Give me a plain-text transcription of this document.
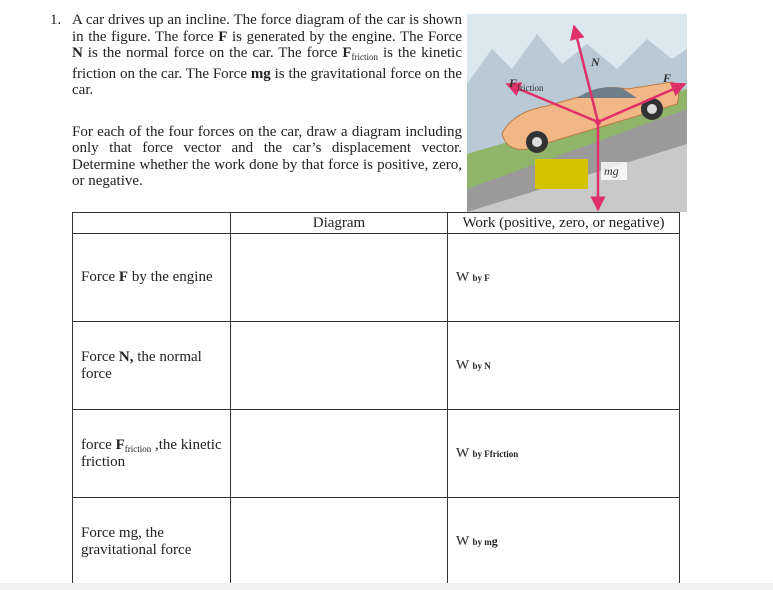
1. A car drives up an incline. The force diagram of the car is shown in the figure. The force F is generated by the engine. The Force N is the normal force on the car. The force $F_{friction}$ is the kinetic friction on the car. The Force mg is the gravitational force on the car.
For each of the four forces on the car, draw a diagram including only that force vector and the car’s displacement vector. Determine whether the work done by that force is positive, zero, or negative.
N
F
$F_{friction}$
mg
	Diagram	Work (positive, zero, or negative)
Force F by the engine		W by F
Force N, the normal force		W by N
force $F_{friction}$ ,the kinetic friction		W by Ffriction
Force mg, the gravitational force		W by mg
